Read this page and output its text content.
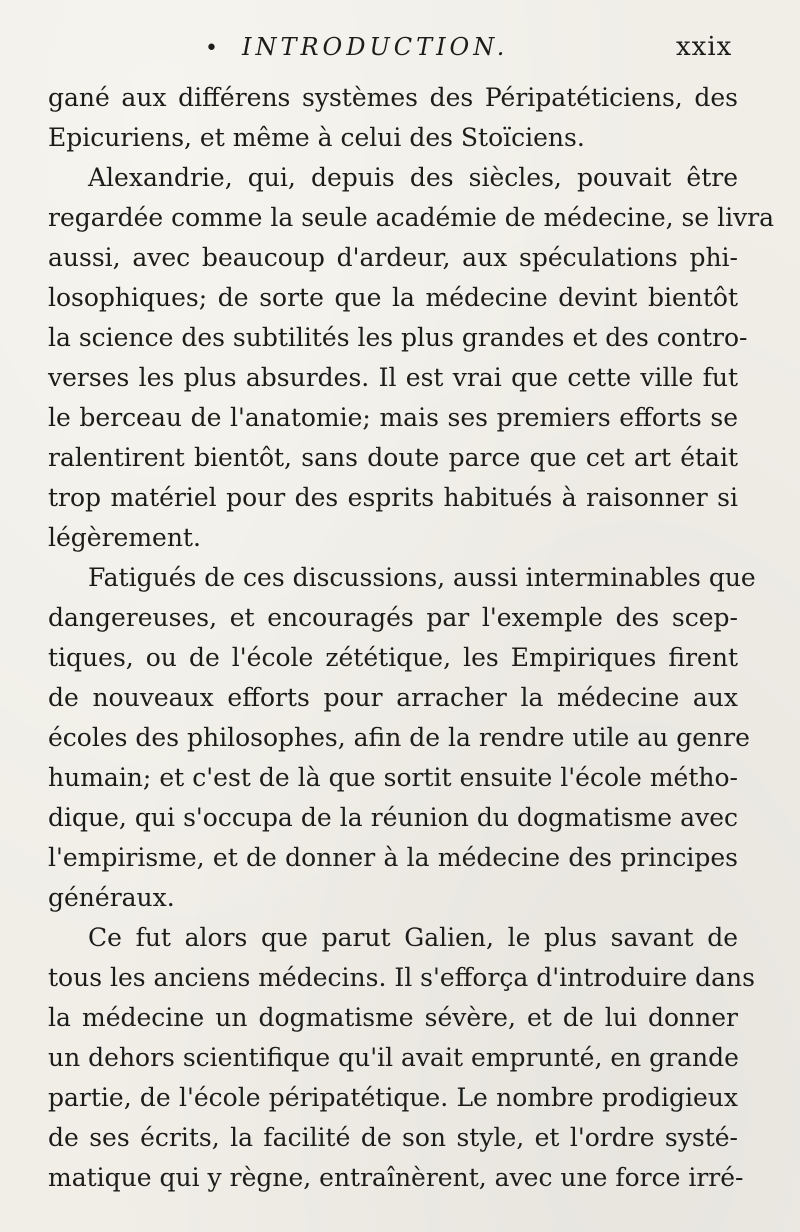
• INTRODUCTION.	xxix
gané aux différens systèmes des Péripatéticiens, des
Epicuriens, et même à celui des Stoïciens.
Alexandrie, qui, depuis des siècles, pouvait être
regardée comme la seule académie de médecine, se livra
aussi, avec beaucoup d'ardeur, aux spéculations phi-
losophiques; de sorte que la médecine devint bientôt
la science des subtilités les plus grandes et des contro-
verses les plus absurdes. Il est vrai que cette ville fut
le berceau de l'anatomie; mais ses premiers efforts se
ralentirent bientôt, sans doute parce que cet art était
trop matériel pour des esprits habitués à raisonner si
légèrement.
Fatigués de ces discussions, aussi interminables que
dangereuses, et encouragés par l'exemple des scep-
tiques, ou de l'école zététique, les Empiriques firent
de nouveaux efforts pour arracher la médecine aux
écoles des philosophes, afin de la rendre utile au genre
humain; et c'est de là que sortit ensuite l'école métho-
dique, qui s'occupa de la réunion du dogmatisme avec
l'empirisme, et de donner à la médecine des principes
généraux.
Ce fut alors que parut Galien, le plus savant de
tous les anciens médecins. Il s'efforça d'introduire dans
la médecine un dogmatisme sévère, et de lui donner
un dehors scientifique qu'il avait emprunté, en grande
partie, de l'école péripatétique. Le nombre prodigieux
de ses écrits, la facilité de son style, et l'ordre systé-
matique qui y règne, entraînèrent, avec une force irré-
